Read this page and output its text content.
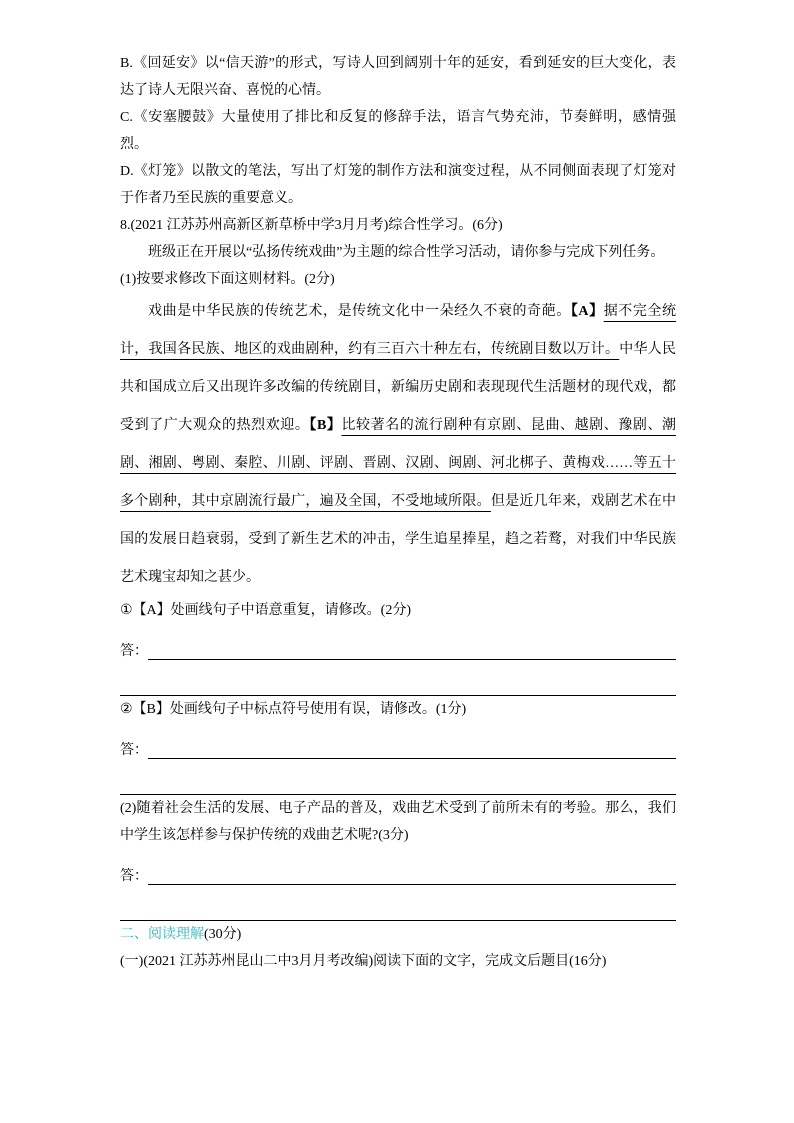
B.《回延安》以“信天游”的形式，写诗人回到阔别十年的延安，看到延安的巨大变化，表达了诗人无限兴奋、喜悦的心情。

C.《安塞腰鼓》大量使用了排比和反复的修辞手法，语言气势充沛，节奏鲜明，感情强烈。

D.《灯笼》以散文的笔法，写出了灯笼的制作方法和演变过程，从不同侧面表现了灯笼对于作者乃至民族的重要意义。

8.(2021 江苏苏州高新区新草桥中学3月月考)综合性学习。(6分)

班级正在开展以“弘扬传统戏曲”为主题的综合性学习活动，请你参与完成下列任务。

(1)按要求修改下面这则材料。(2分)

戏曲是中华民族的传统艺术，是传统文化中一朵经久不衰的奇葩。【A】据不完全统计，我国各民族、地区的戏曲剧种，约有三百六十种左右，传统剧目数以万计。中华人民共和国成立后又出现许多改编的传统剧目，新编历史剧和表现现代生活题材的现代戏，都受到了广大观众的热烈欢迎。【B】比较著名的流行剧种有京剧、昆曲、越剧、豫剧、潮剧、湘剧、粤剧、秦腔、川剧、评剧、晋剧、汉剧、闽剧、河北梆子、黄梅戏……等五十多个剧种，其中京剧流行最广，遍及全国，不受地域所限。但是近几年来，戏剧艺术在中国的发展日趋衰弱，受到了新生艺术的冲击，学生追星捧星，趋之若鹜，对我们中华民族艺术瑰宝却知之甚少。

①【A】处画线句子中语意重复，请修改。(2分)

答：

②【B】处画线句子中标点符号使用有误，请修改。(1分)

答：

(2)随着社会生活的发展、电子产品的普及，戏曲艺术受到了前所未有的考验。那么，我们中学生该怎样参与保护传统的戏曲艺术呢?(3分)

答：

二、阅读理解(30分)

(一)(2021 江苏苏州昆山二中3月月考改编)阅读下面的文字，完成文后题目(16分)
